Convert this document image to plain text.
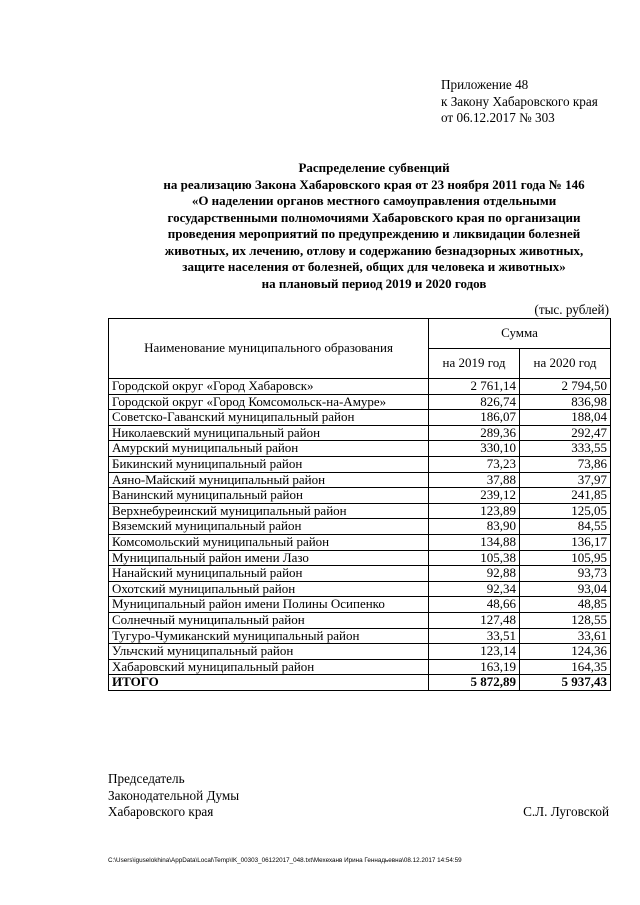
Приложение 48
к Закону Хабаровского края
от 06.12.2017 № 303
Распределение субвенций
на реализацию Закона Хабаровского края от 23 ноября 2011 года № 146
«О наделении органов местного самоуправления отдельными
государственными полномочиями Хабаровского края по организации
проведения мероприятий по предупреждению и ликвидации болезней
животных, их лечению, отлову и содержанию безнадзорных животных,
защите населения от болезней, общих для человека и животных»
на плановый период 2019 и 2020 годов
(тыс. рублей)
Наименование муниципального образования	Сумма	
	на 2019 год	на 2020 год
Городской округ «Город Хабаровск»	2 761,14	2 794,50
Городской округ «Город Комсомольск-на-Амуре»	826,74	836,98
Советско-Гаванский муниципальный район	186,07	188,04
Николаевский муниципальный район	289,36	292,47
Амурский муниципальный район	330,10	333,55
Бикинский муниципальный район	73,23	73,86
Аяно-Майский муниципальный район	37,88	37,97
Ванинский муниципальный район	239,12	241,85
Верхнебуреинский муниципальный район	123,89	125,05
Вяземский муниципальный район	83,90	84,55
Комсомольский муниципальный район	134,88	136,17
Муниципальный район имени Лазо	105,38	105,95
Нанайский муниципальный район	92,88	93,73
Охотский муниципальный район	92,34	93,04
Муниципальный район имени Полины Осипенко	48,66	48,85
Солнечный муниципальный район	127,48	128,55
Тугуро-Чумиканский муниципальный район	33,51	33,61
Ульчский муниципальный район	123,14	124,36
Хабаровский муниципальный район	163,19	164,35
ИТОГО	5 872,89	5 937,43
Председатель
Законодательной Думы
Хабаровского края	С.Л. Луговской
C:\Users\iguselokhina\AppData\Local\Temp\IK_00303_06122017_048.txt\Мехеханв Ирина Геннадьевна\08.12.2017 14:54:59
